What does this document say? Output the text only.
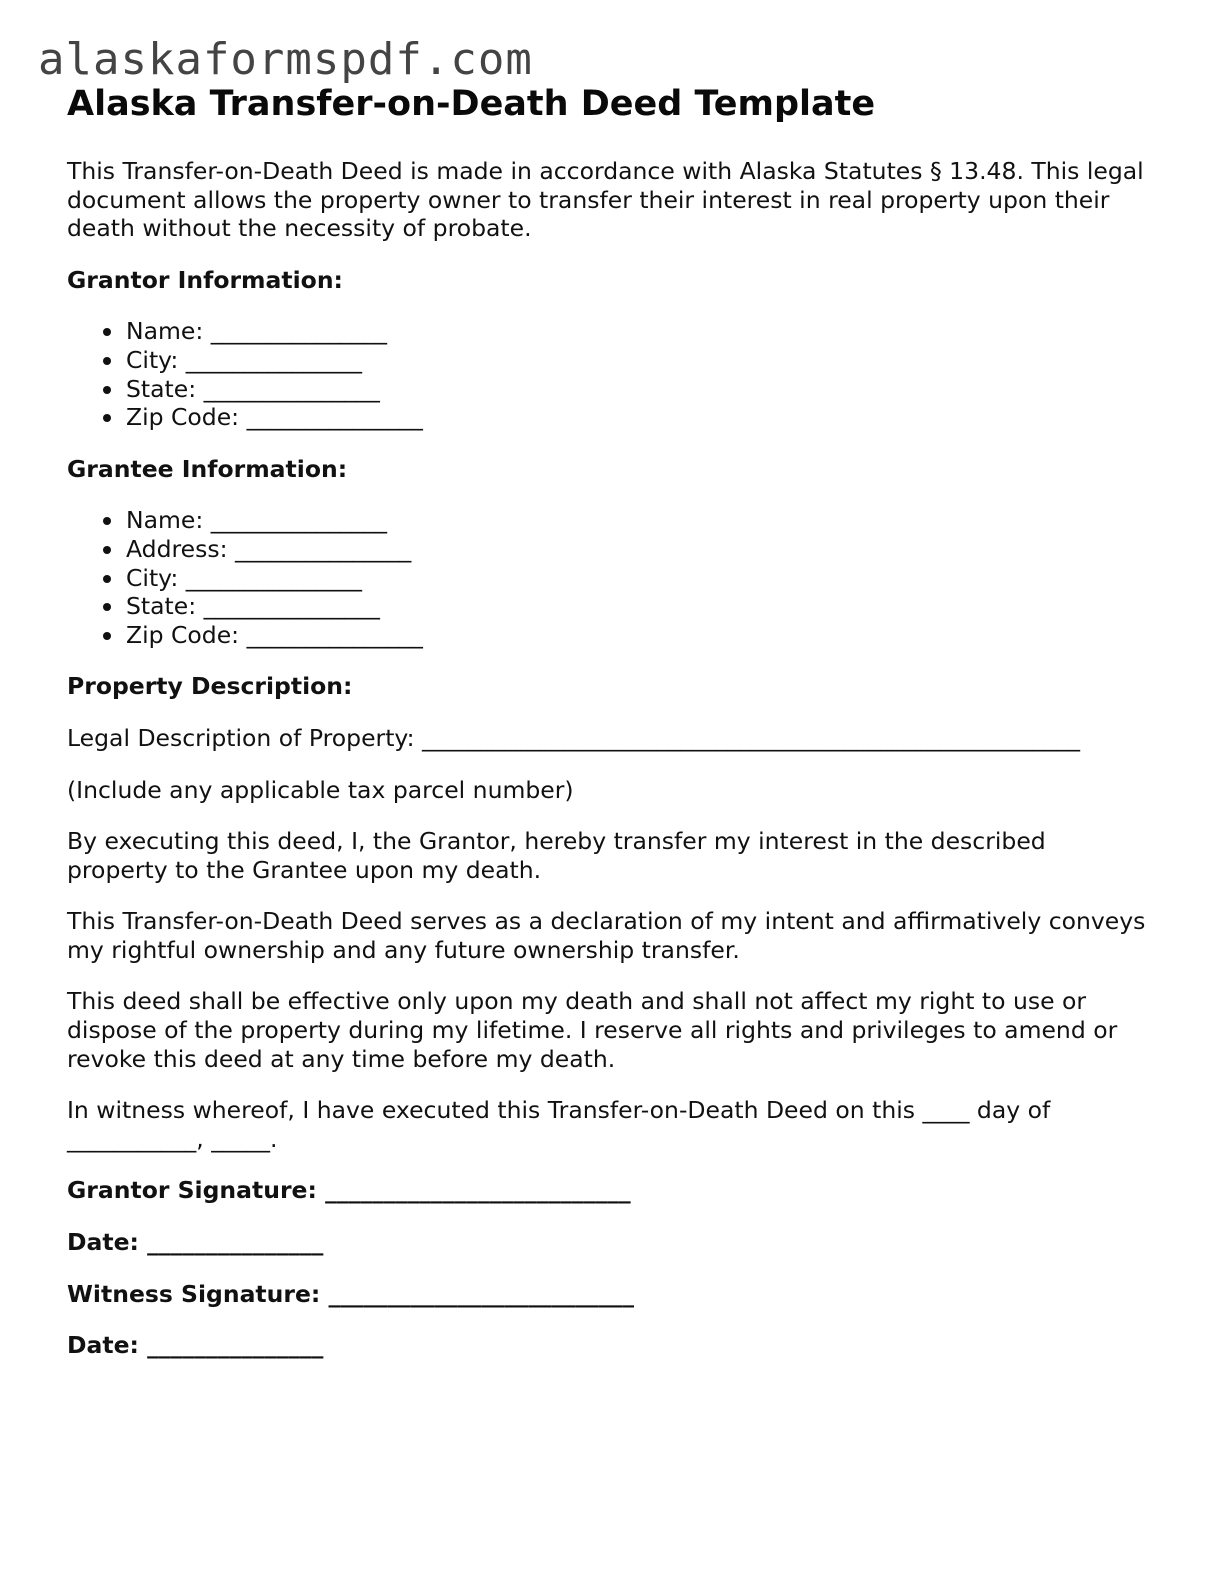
alaskaformspdf.com
Alaska Transfer-on-Death Deed Template

This Transfer-on-Death Deed is made in accordance with Alaska Statutes § 13.48. This legal document allows the property owner to transfer their interest in real property upon their death without the necessity of probate.

Grantor Information:

Name: _______________
City: _______________
State: _______________
Zip Code: _______________

Grantee Information:

Name: _______________
Address: _______________
City: _______________
State: _______________
Zip Code: _______________

Property Description:

Legal Description of Property: ________________________________________________________

(Include any applicable tax parcel number)

By executing this deed, I, the Grantor, hereby transfer my interest in the described property to the Grantee upon my death.

This Transfer-on-Death Deed serves as a declaration of my intent and affirmatively conveys my rightful ownership and any future ownership transfer.

This deed shall be effective only upon my death and shall not affect my right to use or dispose of the property during my lifetime. I reserve all rights and privileges to amend or revoke this deed at any time before my death.

In witness whereof, I have executed this Transfer-on-Death Deed on this ____ day of ___________, _____.

Grantor Signature: __________________________

Date: _______________

Witness Signature: __________________________

Date: _______________
